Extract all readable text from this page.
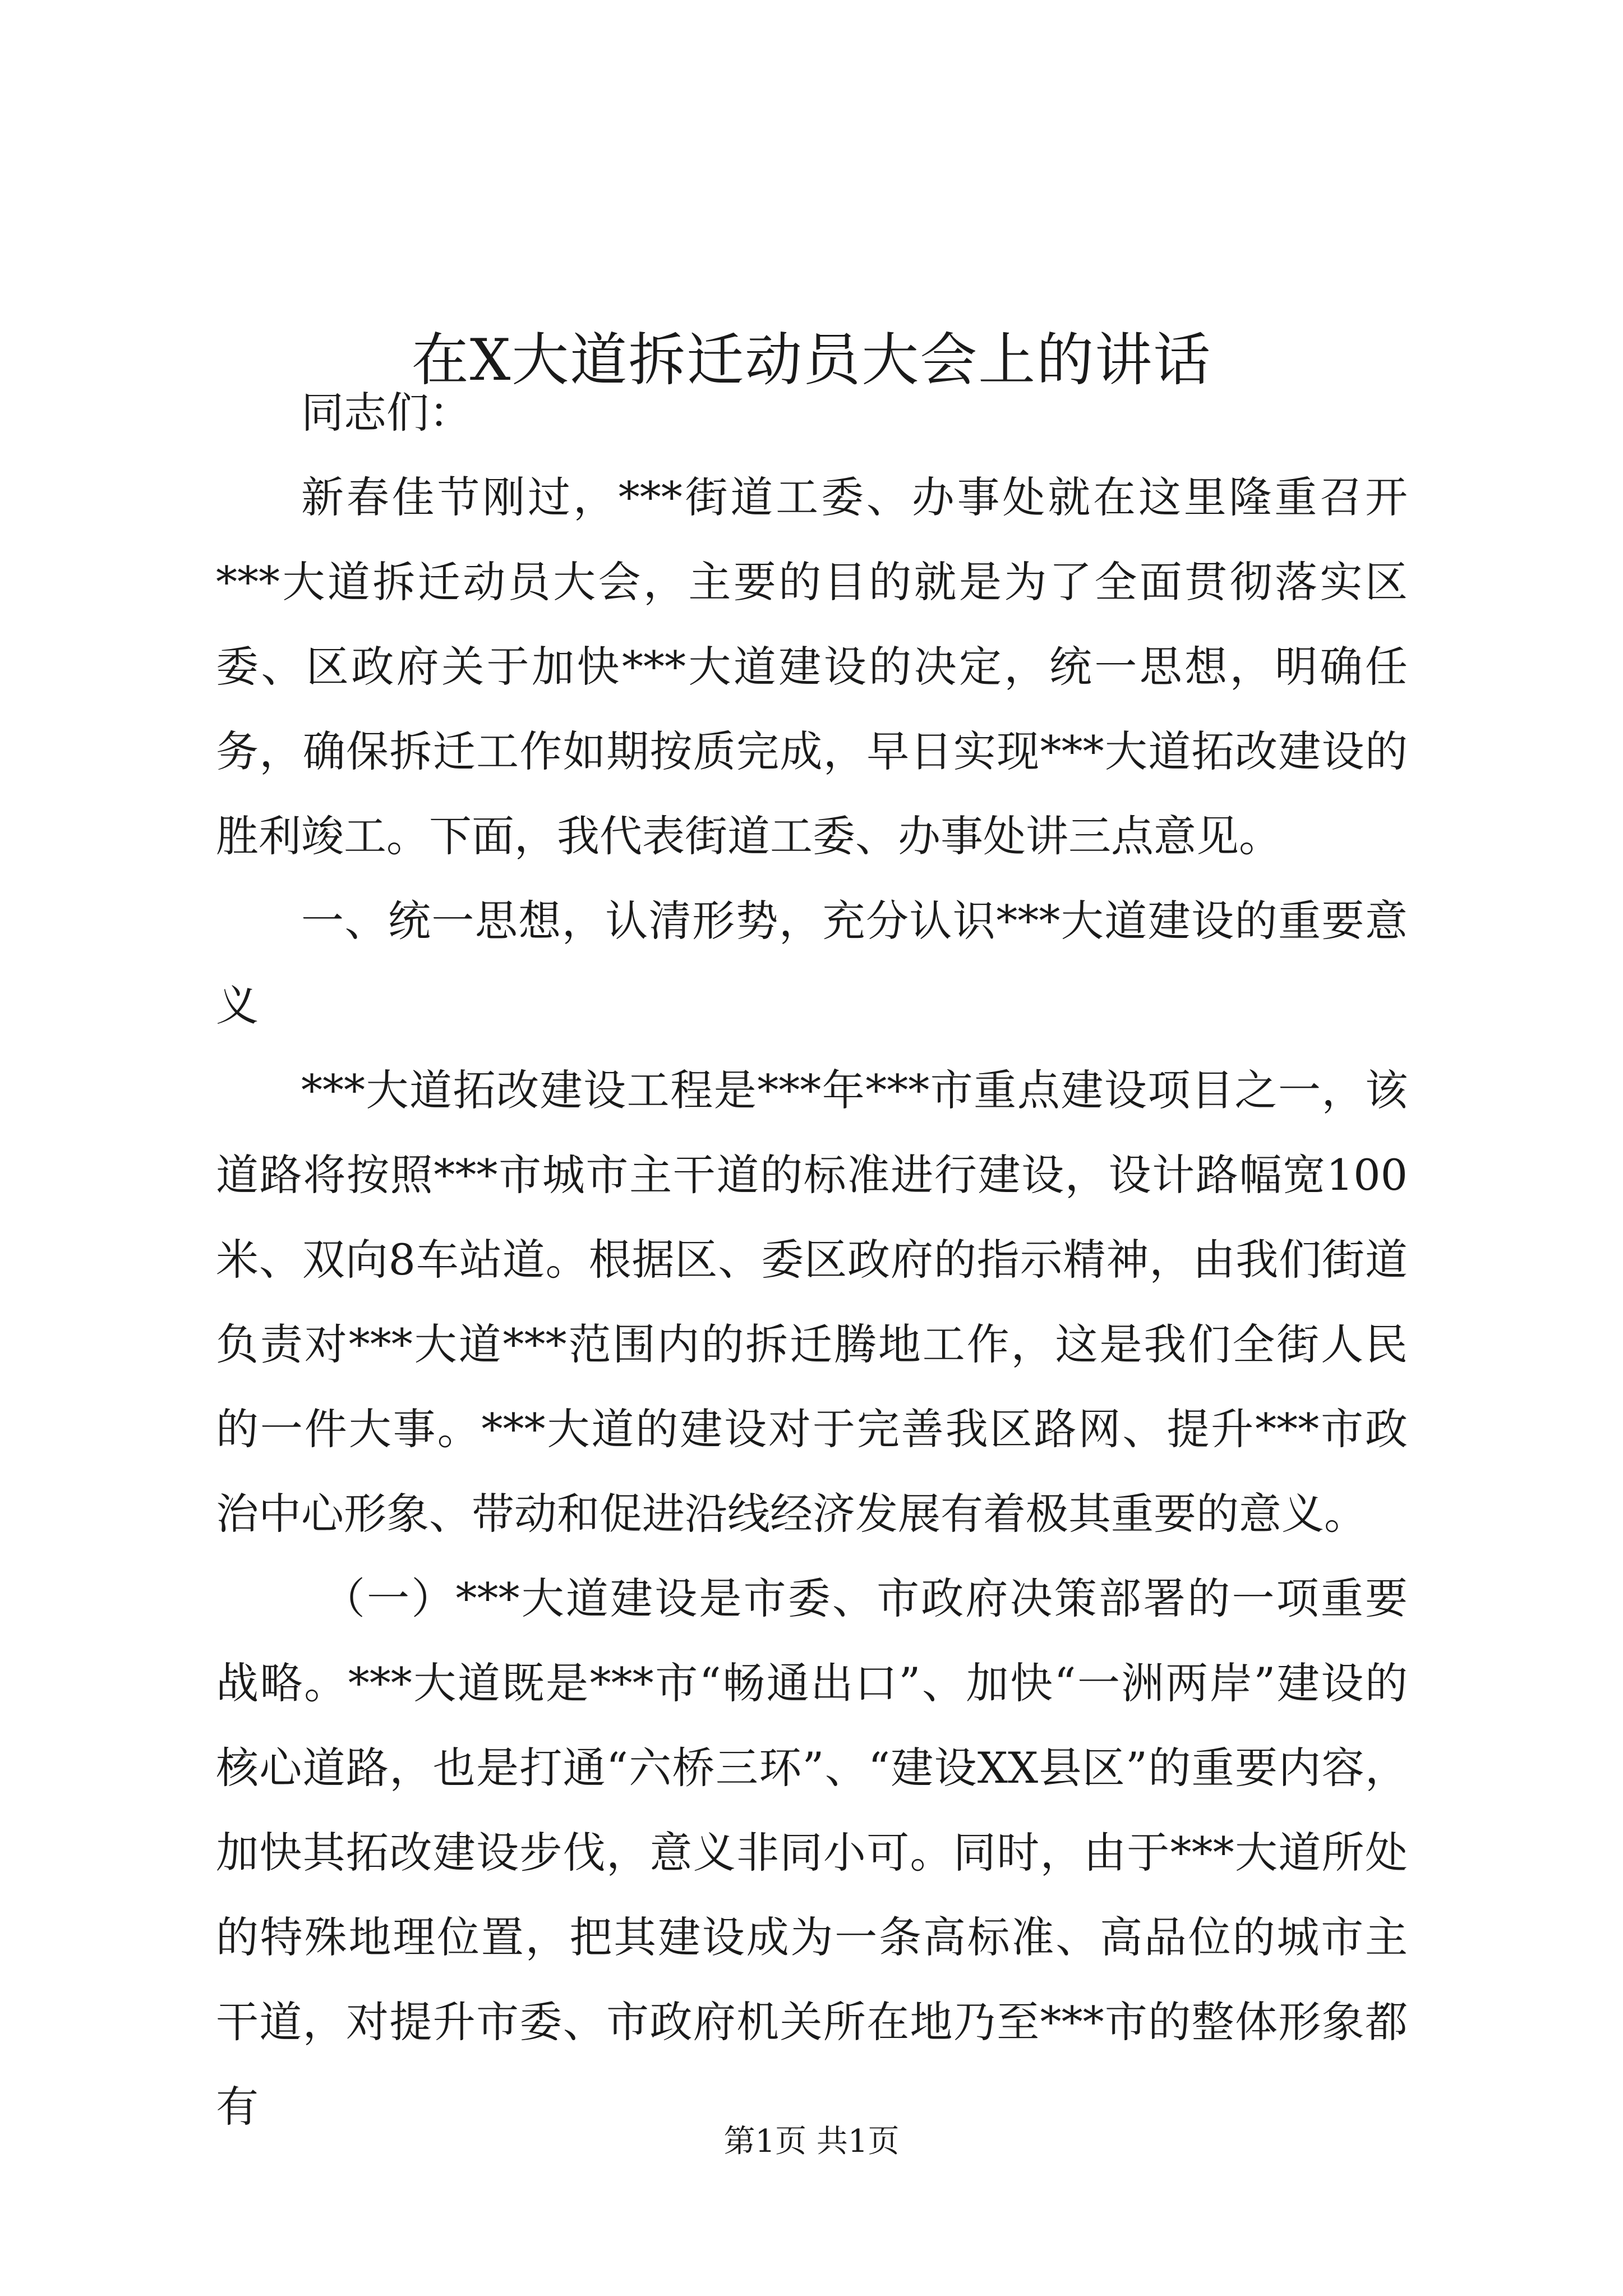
在X大道拆迁动员大会上的讲话

同志们：

新春佳节刚过，***街道工委、办事处就在这里隆重召开***大道拆迁动员大会，主要的目的就是为了全面贯彻落实区委、区政府关于加快***大道建设的决定，统一思想，明确任务，确保拆迁工作如期按质完成，早日实现***大道拓改建设的胜利竣工。下面，我代表街道工委、办事处讲三点意见。

一、统一思想，认清形势，充分认识***大道建设的重要意义

***大道拓改建设工程是***年***市重点建设项目之一，该道路将按照***市城市主干道的标准进行建设，设计路幅宽100米、双向8车站道。根据区、委区政府的指示精神，由我们街道负责对***大道***范围内的拆迁腾地工作，这是我们全街人民的一件大事。***大道的建设对于完善我区路网、提升***市政治中心形象、带动和促进沿线经济发展有着极其重要的意义。

（一）***大道建设是市委、市政府决策部署的一项重要战略。***大道既是***市“畅通出口”、加快“一洲两岸”建设的核心道路，也是打通“六桥三环”、“建设XX县区”的重要内容，加快其拓改建设步伐，意义非同小可。同时，由于***大道所处的特殊地理位置，把其建设成为一条高标准、高品位的城市主干道，对提升市委、市政府机关所在地乃至***市的整体形象都有

第1页 共1页
